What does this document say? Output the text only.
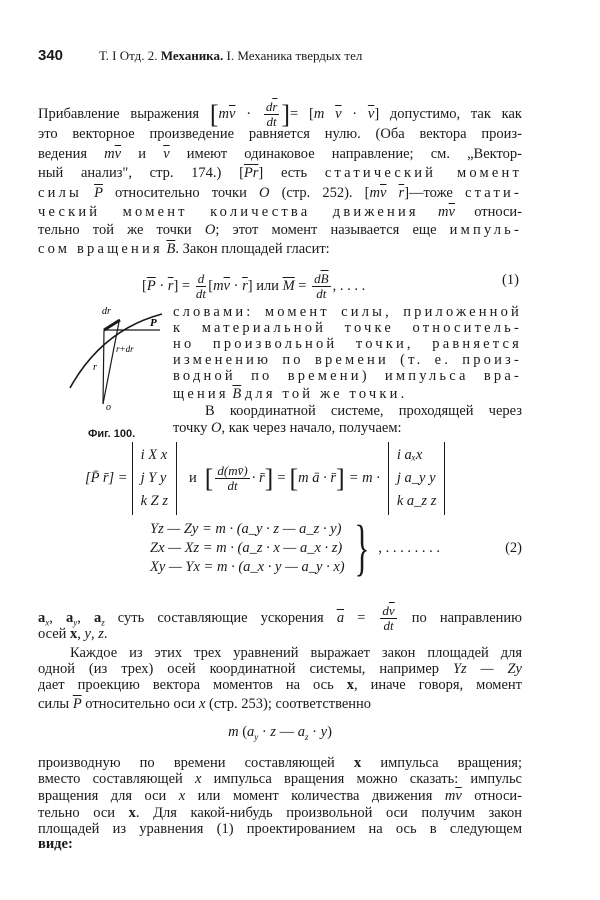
340	Т. I Отд. 2. Механика. I. Механика твердых тел
Прибавление выражения [$m\overline{v} \cdot \frac{d\overline{r}}{dt}$ ]= [m $\overline{v} \cdot \overline{v}$] допустимо, так как
это векторное произведение равняется нулю. (Оба вектора произ-
ведения $m\overline{v}$ и $\overline{v}$ имеют одинаковое направление; см. „Вектор-
ный анализ", стр. 174.) $[\overline{P}\overline{r}]$ есть статический момент
силы $\overline{P}$ относительно точки O (стр. 252). [$m\overline{v}$ $\overline{r}]—тоже$ стати-
ческий момент количества движения $m\overline{v}$ относи-
тельно той же точки O; этот момент называется еще импуль-
сом вращения $\overline{B}$. Закон площадей гласит:
$[\overline{P} \cdot \overline{r}] = \frac{d}{dt} [m\overline{v} \cdot \overline{r}]$ или $\overline{M} = \frac{d\overline{B}}{dt}$ , . . . .	(1)
словами: момент силы, приложенной
к материальной точке относитель-
но произвольной точки, равняется
изменению по времени (т. е. произ-
водной по времени) импульса вра-
щения $\overline{B}$ для той же точки.
В координатной системе, проходящей через
точку O, как через начало, получаем:
$a_x$, $a_y$, $a_z$ суть составляющие ускорения $\overline{a} = \frac{d\overline{v}}{dt}$ по направлению
осей x, y, z.
Каждое из этих трех уравнений выражает закон площадей для
одной (из трех) осей координатной системы, например Yz — Zy
дает проекцию вектора моментов на ось x, иначе говоря, момент
силы $\overline{P}$ относительно оси x (стр. 253); соответственно
m ($a_y \cdot z$ — $a_z \cdot y$)
производную по времени составляющей x импульса вращения;
вместо составляющей x импульса вращения можно сказать: импульс
вращения для оси x или момент количества движения $m\overline{v}$ относи-
тельно оси x. Для какой-нибудь произвольной оси получим закон
площадей из уравнения (1) проектированием на ось в следующем
виде:
dr
P
r
r+dr
o
Фиг. 100.
[P̄ r̄] =
i X x
j Y y
k Z z
и [ $\frac{d(mv̄)}{dt}$ · r̄ ] = [ m ā · r̄ ] = m ·
i aₓx
j a_y y
k a_z z
Yz — Zy = m · (a_y · z — a_z · y)
Zx — Xz = m · (a_z · x — a_x · z)
Xy — Yx = m · (a_x · y — a_y · x) } , . . . . . . . .	(2)
